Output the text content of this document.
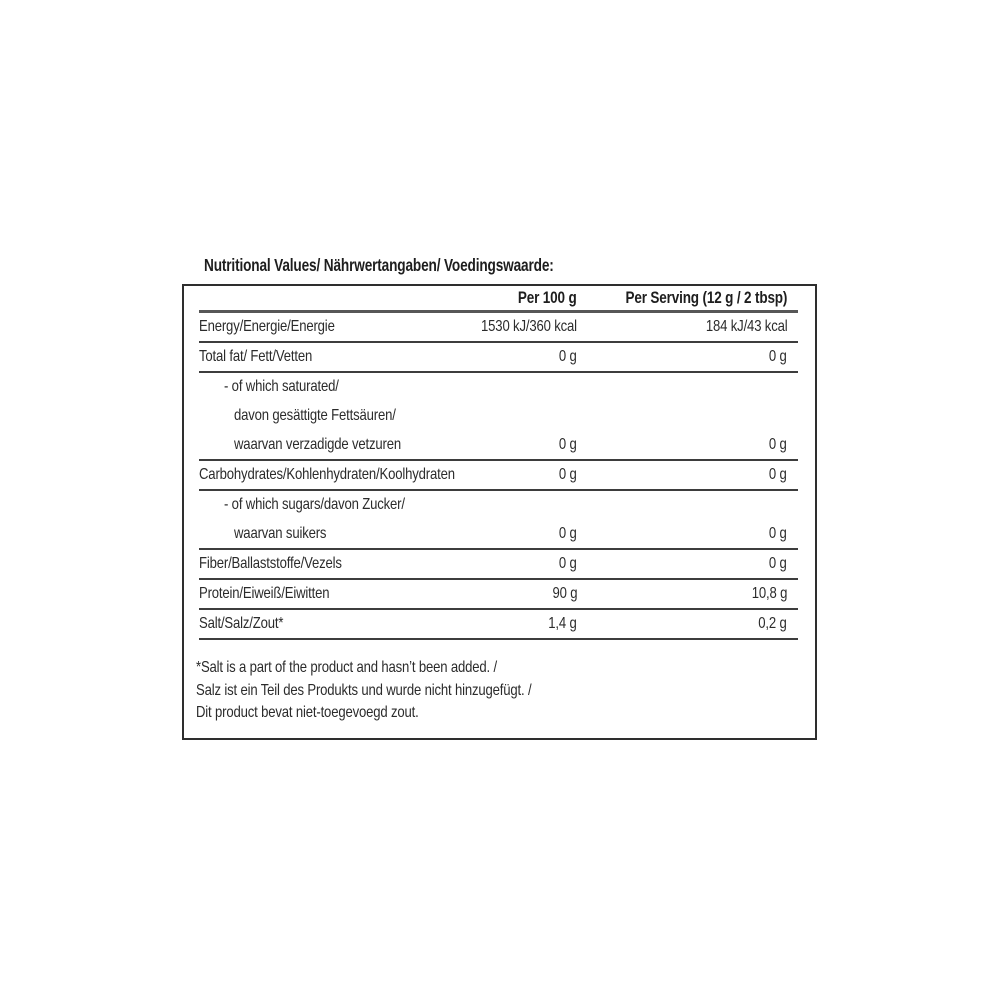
Nutritional Values/ Nährwertangaben/ Voedingswaarde:
Per 100 g	Per Serving (12 g / 2 tbsp)
Energy/Energie/Energie	1530 kJ/360 kcal	184 kJ/43 kcal
Total fat/ Fett/Vetten	0 g	0 g
- of which saturated/
davon gesättigte Fettsäuren/
waarvan verzadigde vetzuren	0 g	0 g
Carbohydrates/Kohlenhydraten/Koolhydraten	0 g	0 g
- of which sugars/davon Zucker/
waarvan suikers	0 g	0 g
Fiber/Ballaststoffe/Vezels	0 g	0 g
Protein/Eiweiß/Eiwitten	90 g	10,8 g
Salt/Salz/Zout*	1,4 g	0,2 g
*Salt is a part of the product and hasn’t been added. /
Salz ist ein Teil des Produkts und wurde nicht hinzugefügt. /
Dit product bevat niet-toegevoegd zout.
